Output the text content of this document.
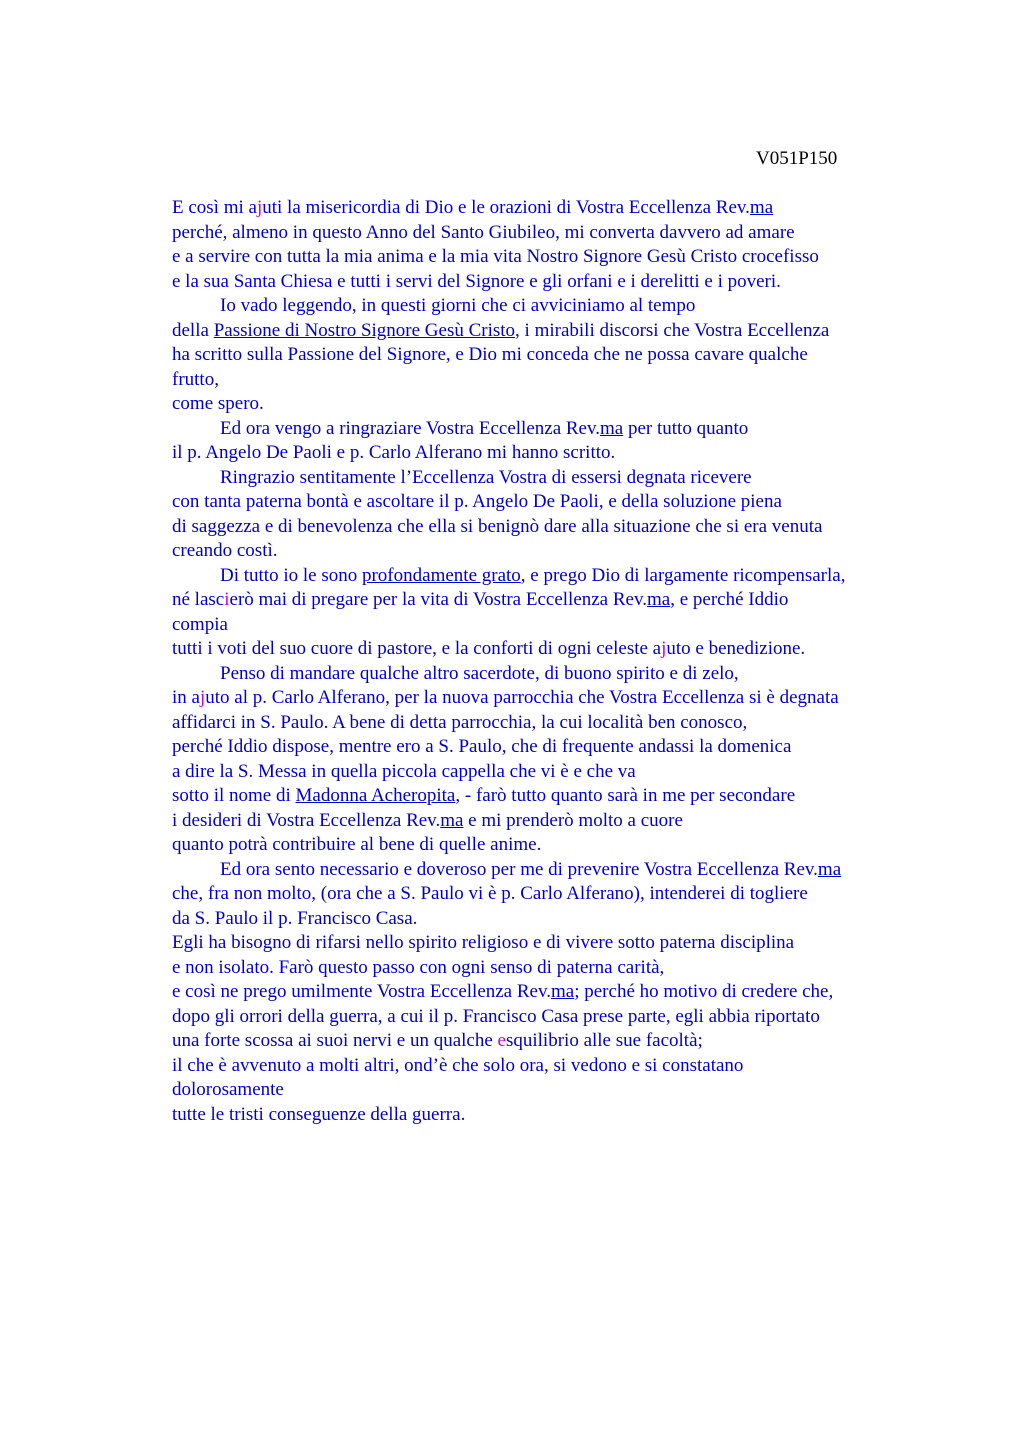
V051P150
E così mi ajuti la misericordia di Dio e le orazioni di Vostra Eccellenza Rev.ma
perché, almeno in questo Anno del Santo Giubileo, mi converta davvero ad amare
e a servire con tutta la mia anima e la mia vita Nostro Signore Gesù Cristo crocefisso
e la sua Santa Chiesa e tutti i servi del Signore e gli orfani e i derelitti e i poveri.
Io vado leggendo, in questi giorni che ci avviciniamo al tempo
della Passione di Nostro Signore Gesù Cristo, i mirabili discorsi che Vostra Eccellenza
ha scritto sulla Passione del Signore, e Dio mi conceda che ne possa cavare qualche
frutto,
come spero.
Ed ora vengo a ringraziare Vostra Eccellenza Rev.ma per tutto quanto
il p. Angelo De Paoli e p. Carlo Alferano mi hanno scritto.
Ringrazio sentitamente l’Eccellenza Vostra di essersi degnata ricevere
con tanta paterna bontà e ascoltare il p. Angelo De Paoli, e della soluzione piena
di saggezza e di benevolenza che ella si benignò dare alla situazione che si era venuta
creando costì.
Di tutto io le sono profondamente grato, e prego Dio di largamente ricompensarla,
né lascierò mai di pregare per la vita di Vostra Eccellenza Rev.ma, e perché Iddio
compia
tutti i voti del suo cuore di pastore, e la conforti di ogni celeste ajuto e benedizione.
Penso di mandare qualche altro sacerdote, di buono spirito e di zelo,
in ajuto al p. Carlo Alferano, per la nuova parrocchia che Vostra Eccellenza si è degnata
affidarci in S. Paulo. A bene di detta parrocchia, la cui località ben conosco,
perché Iddio dispose, mentre ero a S. Paulo, che di frequente andassi la domenica
a dire la S. Messa in quella piccola cappella che vi è e che va
sotto il nome di Madonna Acheropita, - farò tutto quanto sarà in me per secondare
i desideri di Vostra Eccellenza Rev.ma e mi prenderò molto a cuore
quanto potrà contribuire al bene di quelle anime.
Ed ora sento necessario e doveroso per me di prevenire Vostra Eccellenza Rev.ma
che, fra non molto, (ora che a S. Paulo vi è p. Carlo Alferano), intenderei di togliere
da S. Paulo il p. Francisco Casa.
Egli ha bisogno di rifarsi nello spirito religioso e di vivere sotto paterna disciplina
e non isolato. Farò questo passo con ogni senso di paterna carità,
e così ne prego umilmente Vostra Eccellenza Rev.ma; perché ho motivo di credere che,
dopo gli orrori della guerra, a cui il p. Francisco Casa prese parte, egli abbia riportato
una forte scossa ai suoi nervi e un qualche esquilibrio alle sue facoltà;
il che è avvenuto a molti altri, ond’è che solo ora, si vedono e si constatano
dolorosamente
tutte le tristi conseguenze della guerra.
